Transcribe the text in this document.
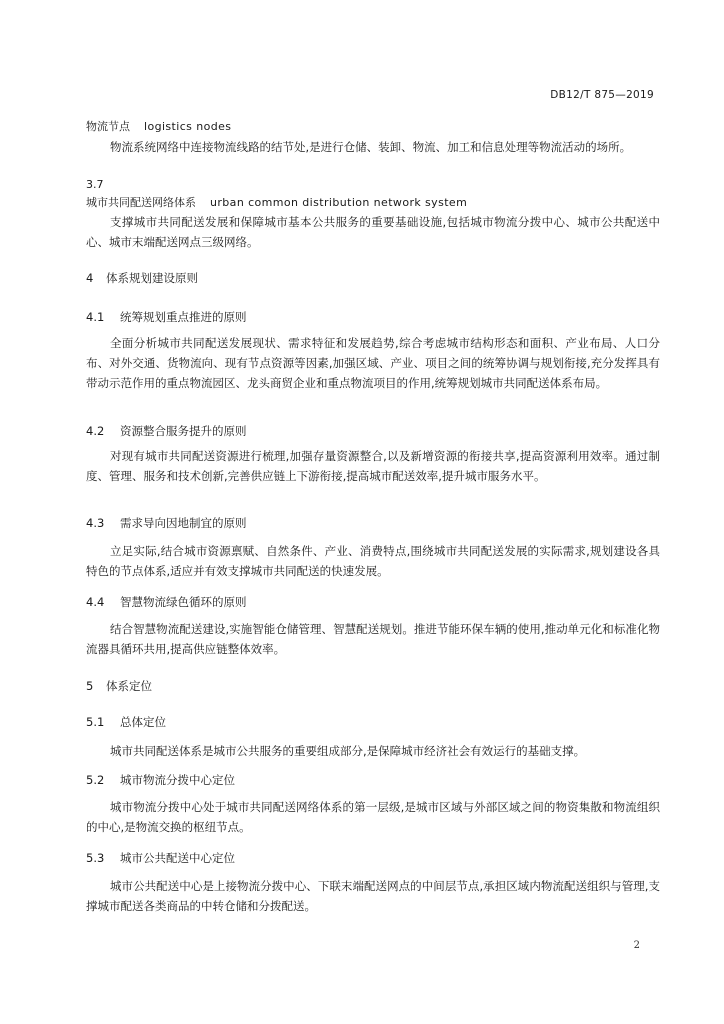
DB12/T 875—2019
物流节点 logistics nodes
物流系统网络中连接物流线路的结节处,是进行仓储、装卸、物流、加工和信息处理等物流活动的场所。
3.7
城市共同配送网络体系 urban common distribution network system
支撑城市共同配送发展和保障城市基本公共服务的重要基础设施,包括城市物流分拨中心、城市公共配送中心、城市末端配送网点三级网络。
4 体系规划建设原则
4.1 统筹规划重点推进的原则
全面分析城市共同配送发展现状、需求特征和发展趋势,综合考虑城市结构形态和面积、产业布局、人口分布、对外交通、货物流向、现有节点资源等因素,加强区域、产业、项目之间的统筹协调与规划衔接,充分发挥具有带动示范作用的重点物流园区、龙头商贸企业和重点物流项目的作用,统筹规划城市共同配送体系布局。
4.2 资源整合服务提升的原则
对现有城市共同配送资源进行梳理,加强存量资源整合,以及新增资源的衔接共享,提高资源利用效率。通过制度、管理、服务和技术创新,完善供应链上下游衔接,提高城市配送效率,提升城市服务水平。
4.3 需求导向因地制宜的原则
立足实际,结合城市资源禀赋、自然条件、产业、消费特点,围绕城市共同配送发展的实际需求,规划建设各具特色的节点体系,适应并有效支撑城市共同配送的快速发展。
4.4 智慧物流绿色循环的原则
结合智慧物流配送建设,实施智能仓储管理、智慧配送规划。推进节能环保车辆的使用,推动单元化和标准化物流器具循环共用,提高供应链整体效率。
5 体系定位
5.1 总体定位
城市共同配送体系是城市公共服务的重要组成部分,是保障城市经济社会有效运行的基础支撑。
5.2 城市物流分拨中心定位
城市物流分拨中心处于城市共同配送网络体系的第一层级,是城市区域与外部区域之间的物资集散和物流组织的中心,是物流交换的枢纽节点。
5.3 城市公共配送中心定位
城市公共配送中心是上接物流分拨中心、下联末端配送网点的中间层节点,承担区域内物流配送组织与管理,支撑城市配送各类商品的中转仓储和分拨配送。
2
